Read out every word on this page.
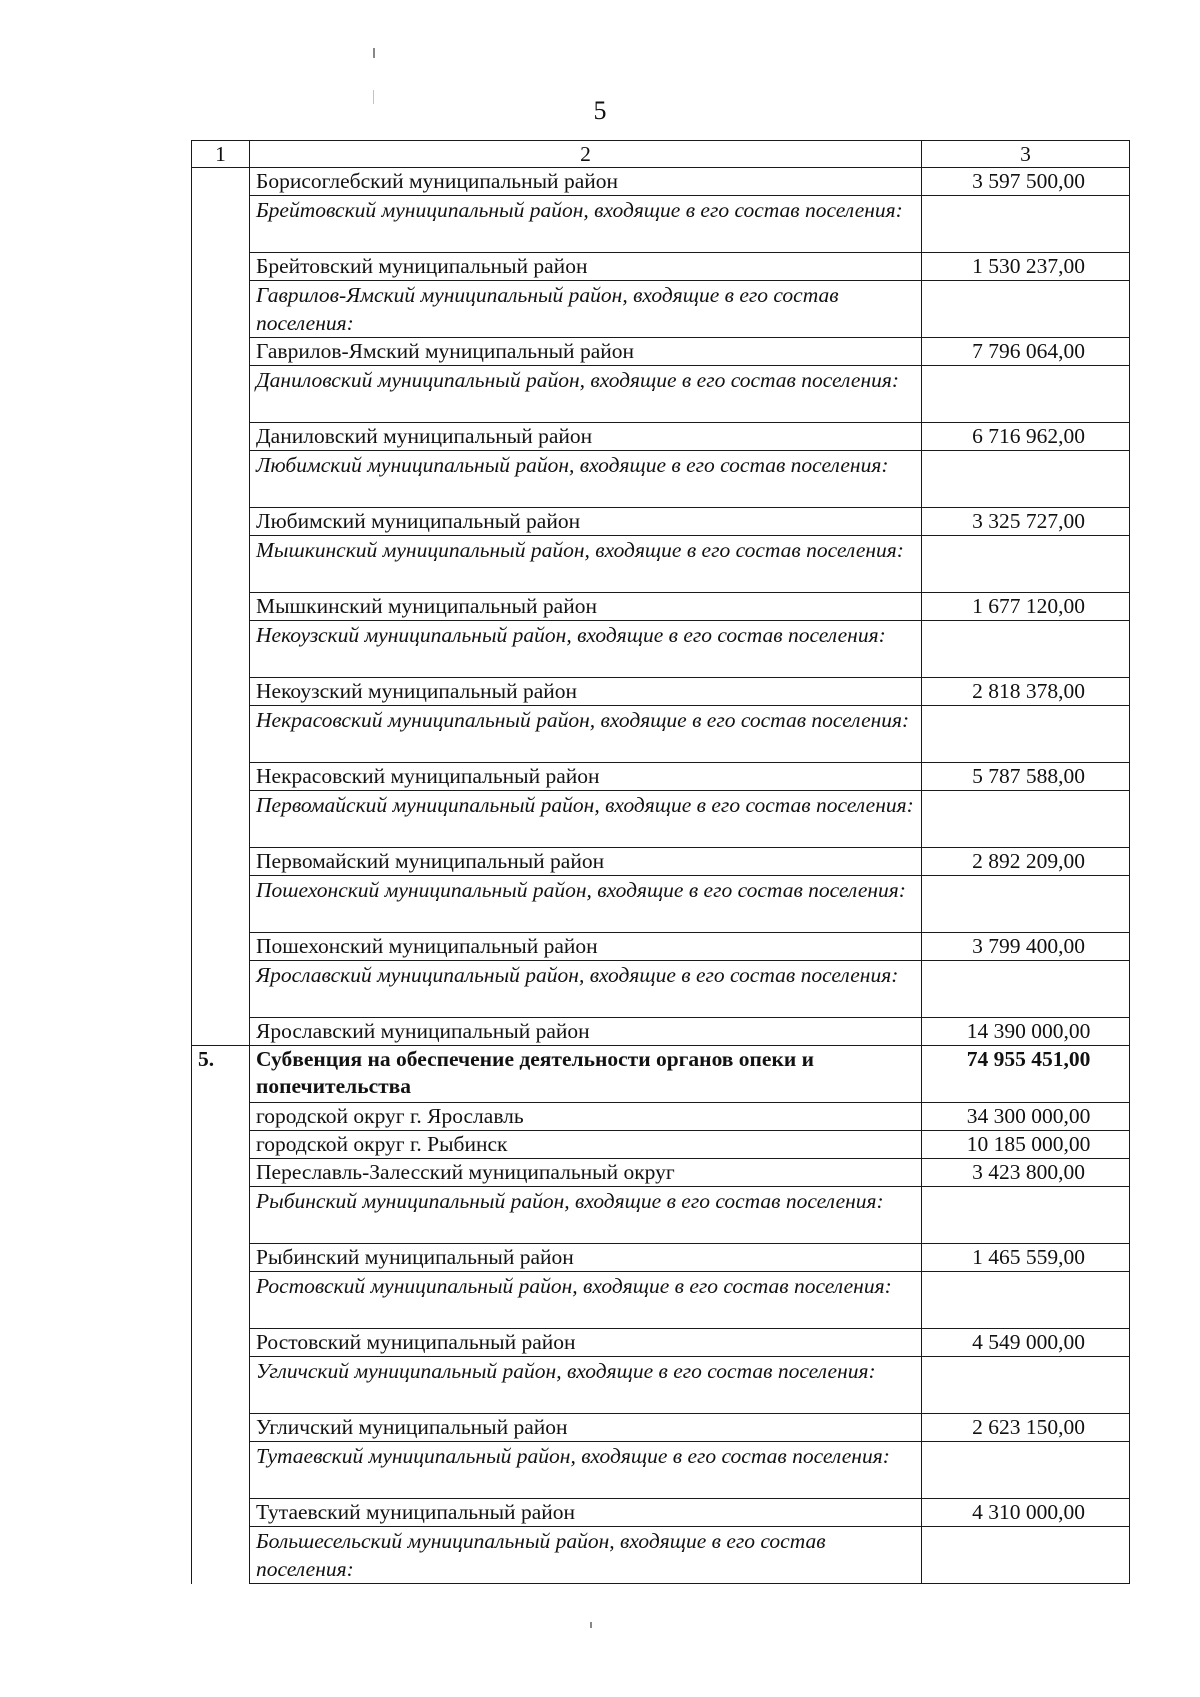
5
1	2	3
	Борисоглебский муниципальный район	3 597 500,00
	Брейтовский муниципальный район, входящие в его состав поселения:	
	Брейтовский муниципальный район	1 530 237,00
	Гаврилов-Ямский муниципальный район, входящие в его состав поселения:	
	Гаврилов-Ямский муниципальный район	7 796 064,00
	Даниловский муниципальный район, входящие в его состав поселения:	
	Даниловский муниципальный район	6 716 962,00
	Любимский муниципальный район, входящие в его состав поселения:	
	Любимский муниципальный район	3 325 727,00
	Мышкинский муниципальный район, входящие в его состав поселения:	
	Мышкинский муниципальный район	1 677 120,00
	Некоузский муниципальный район, входящие в его состав поселения:	
	Некоузский муниципальный район	2 818 378,00
	Некрасовский муниципальный район, входящие в его состав поселения:	
	Некрасовский муниципальный район	5 787 588,00
	Первомайский муниципальный район, входящие в его состав поселения:	
	Первомайский муниципальный район	2 892 209,00
	Пошехонский муниципальный район, входящие в его состав поселения:	
	Пошехонский муниципальный район	3 799 400,00
	Ярославский муниципальный район, входящие в его состав поселения:	
	Ярославский муниципальный район	14 390 000,00
5.	Субвенция на обеспечение деятельности органов опеки и попечительства	74 955 451,00
	городской округ г. Ярославль	34 300 000,00
	городской округ г. Рыбинск	10 185 000,00
	Переславль-Залесский муниципальный округ	3 423 800,00
	Рыбинский муниципальный район, входящие в его состав поселения:	
	Рыбинский муниципальный район	1 465 559,00
	Ростовский муниципальный район, входящие в его состав поселения:	
	Ростовский муниципальный район	4 549 000,00
	Угличский муниципальный район, входящие в его состав поселения:	
	Угличский муниципальный район	2 623 150,00
	Тутаевский муниципальный район, входящие в его состав поселения:	
	Тутаевский муниципальный район	4 310 000,00
	Большесельский муниципальный район, входящие в его состав поселения:	
